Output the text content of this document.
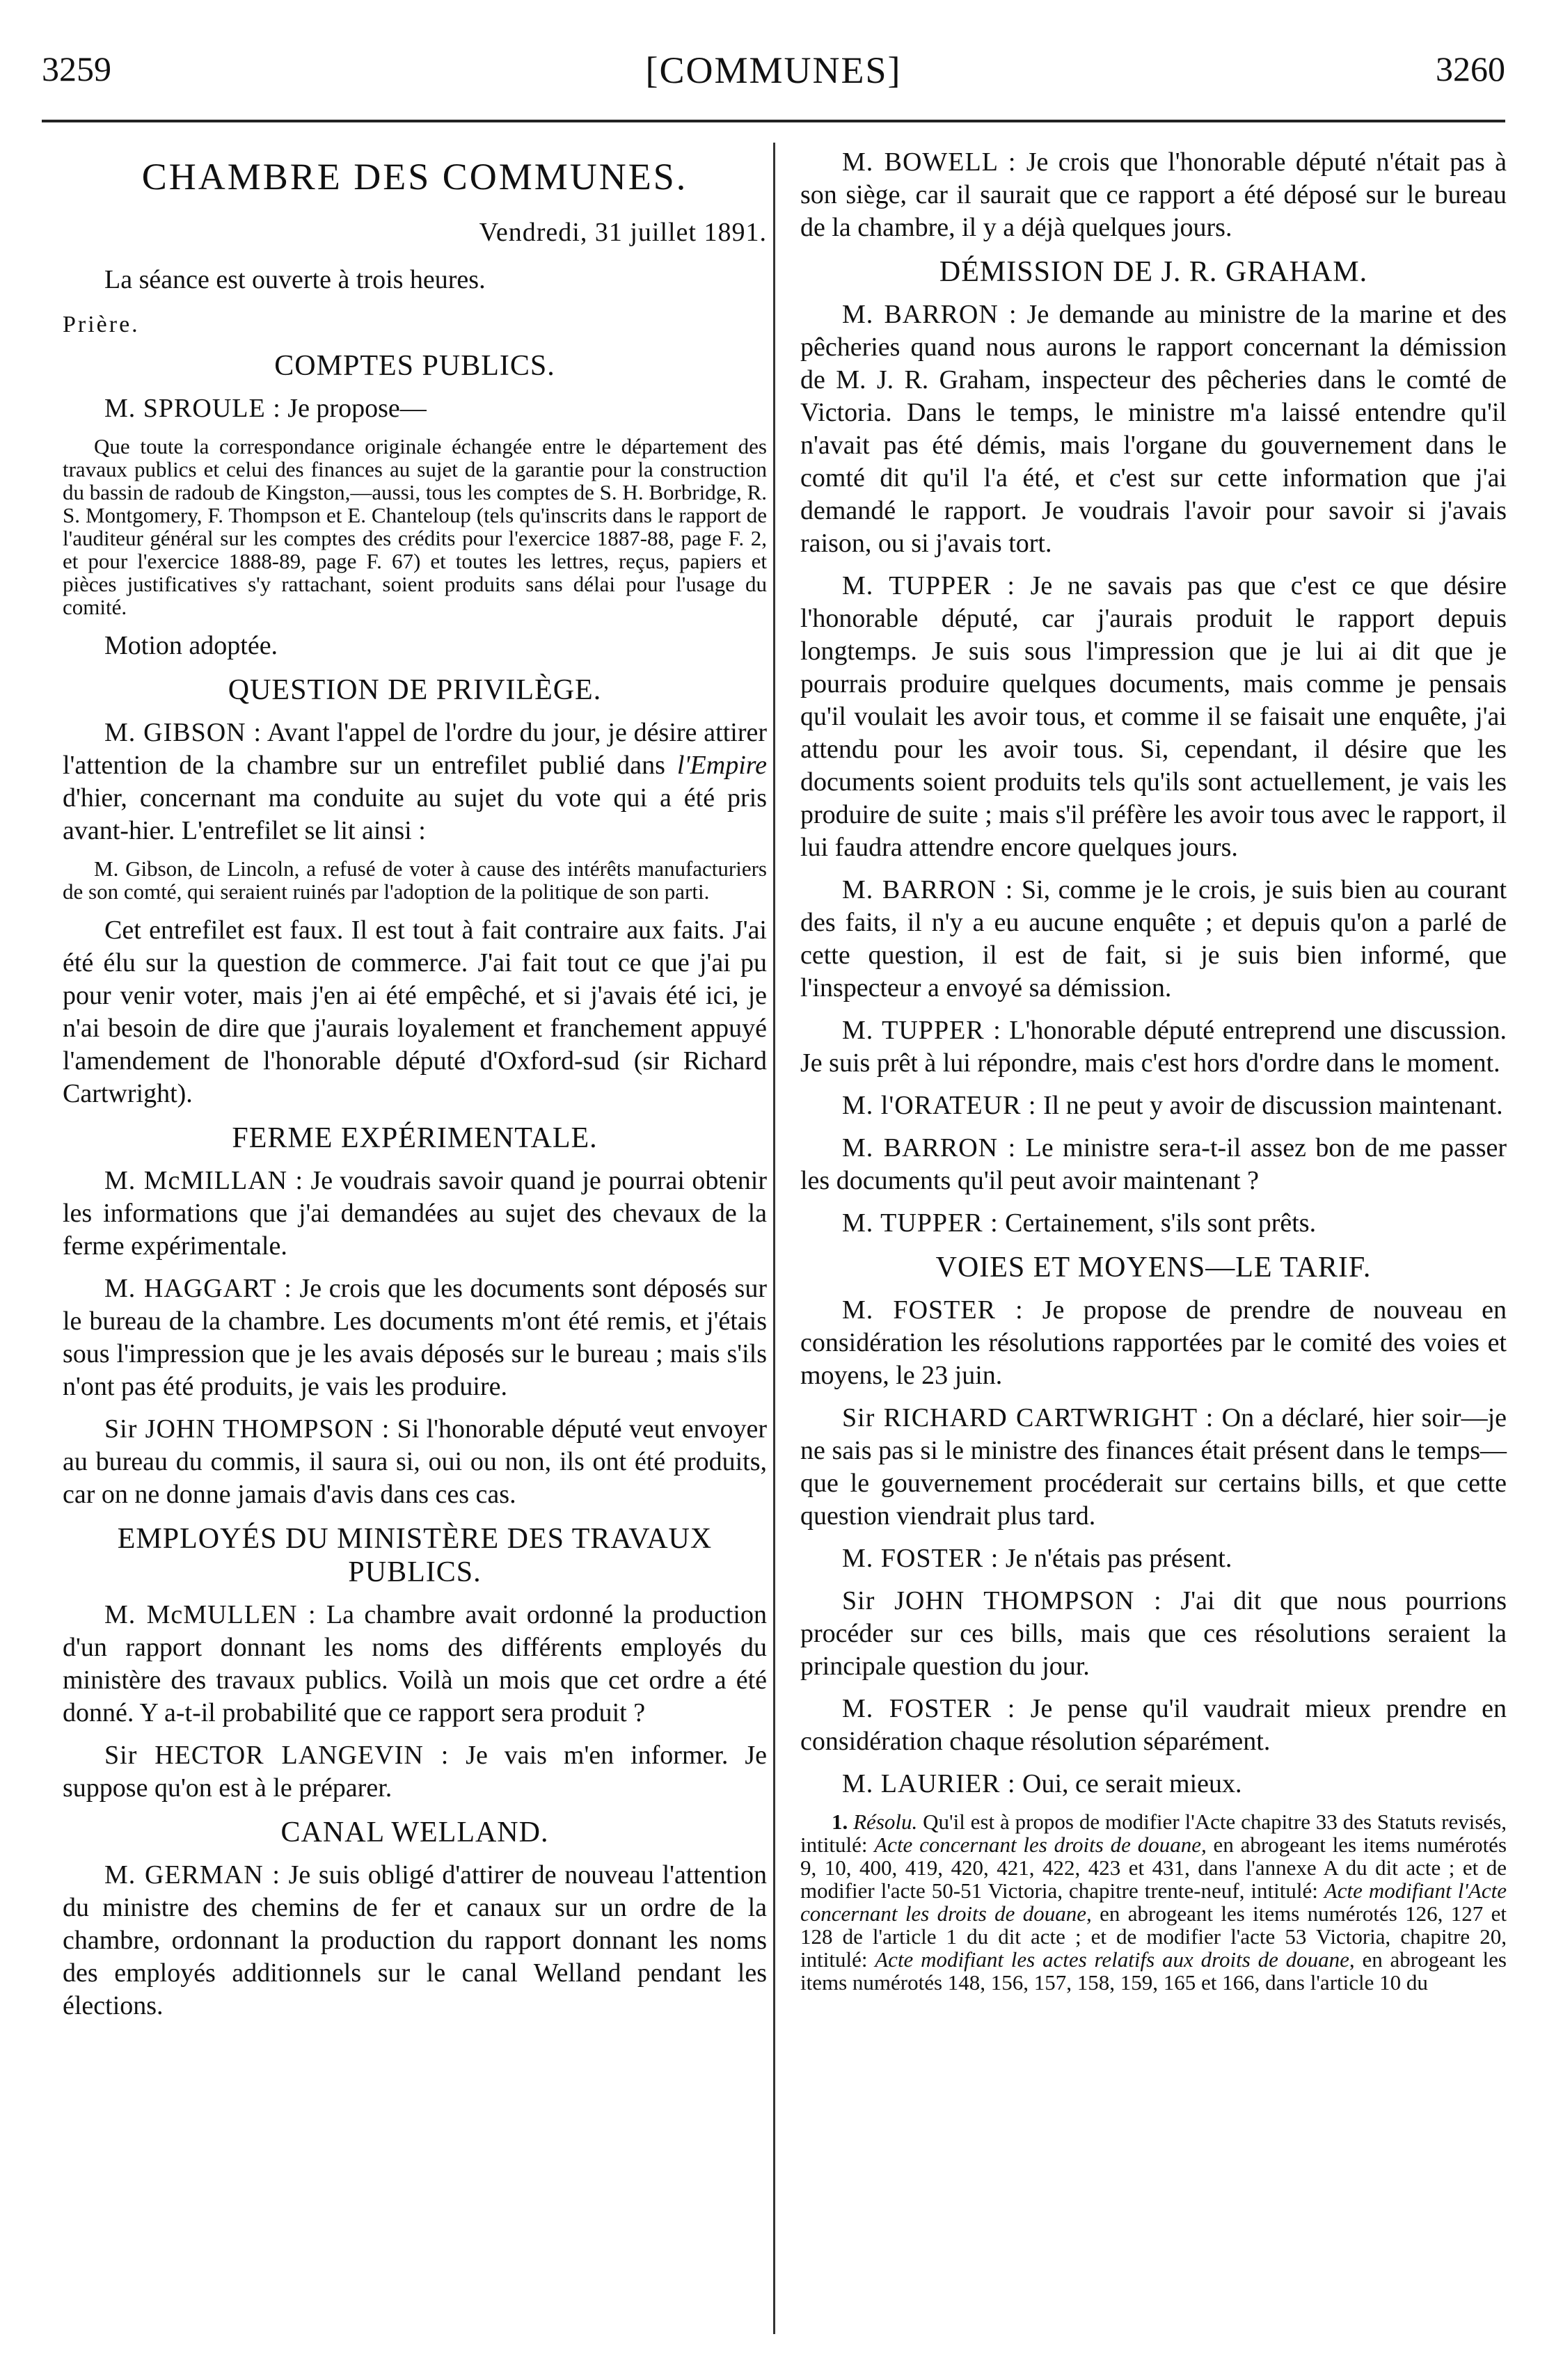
3259	[COMMUNES]	3260
CHAMBRE DES COMMUNES.
Vendredi, 31 juillet 1891.

La séance est ouverte à trois heures.

Prière.
COMPTES PUBLICS.

M. SPROULE : Je propose—

Que toute la correspondance originale échangée entre le département des travaux publics et celui des finances au sujet de la garantie pour la construction du bassin de radoub de Kingston,—aussi, tous les comptes de S. H. Borbridge, R. S. Montgomery, F. Thompson et E. Chanteloup (tels qu'inscrits dans le rapport de l'auditeur général sur les comptes des crédits pour l'exercice 1887-88, page F. 2, et pour l'exercice 1888-89, page F. 67) et toutes les lettres, reçus, papiers et pièces justificatives s'y rattachant, soient produits sans délai pour l'usage du comité.

Motion adoptée.

QUESTION DE PRIVILÈGE.

M. GIBSON : Avant l'appel de l'ordre du jour, je désire attirer l'attention de la chambre sur un entrefilet publié dans l'Empire d'hier, concernant ma conduite au sujet du vote qui a été pris avant-hier. L'entrefilet se lit ainsi :

M. Gibson, de Lincoln, a refusé de voter à cause des intérêts manufacturiers de son comté, qui seraient ruinés par l'adoption de la politique de son parti.

Cet entrefilet est faux. Il est tout à fait contraire aux faits. J'ai été élu sur la question de commerce. J'ai fait tout ce que j'ai pu pour venir voter, mais j'en ai été empêché, et si j'avais été ici, je n'ai besoin de dire que j'aurais loyalement et franchement appuyé l'amendement de l'honorable député d'Oxford-sud (sir Richard Cartwright).

FERME EXPÉRIMENTALE.

M. McMILLAN : Je voudrais savoir quand je pourrai obtenir les informations que j'ai demandées au sujet des chevaux de la ferme expérimentale.

M. HAGGART : Je crois que les documents sont déposés sur le bureau de la chambre. Les documents m'ont été remis, et j'étais sous l'impression que je les avais déposés sur le bureau ; mais s'ils n'ont pas été produits, je vais les produire.

Sir JOHN THOMPSON : Si l'honorable député veut envoyer au bureau du commis, il saura si, oui ou non, ils ont été produits, car on ne donne jamais d'avis dans ces cas.

EMPLOYÉS DU MINISTÈRE DES TRAVAUX PUBLICS.

M. McMULLEN : La chambre avait ordonné la production d'un rapport donnant les noms des différents employés du ministère des travaux publics. Voilà un mois que cet ordre a été donné. Y a-t-il probabilité que ce rapport sera produit ?

Sir HECTOR LANGEVIN : Je vais m'en informer. Je suppose qu'on est à le préparer.

CANAL WELLAND.

M. GERMAN : Je suis obligé d'attirer de nouveau l'attention du ministre des chemins de fer et canaux sur un ordre de la chambre, ordonnant la production du rapport donnant les noms des employés additionnels sur le canal Welland pendant les élections.

M. BOWELL : Je crois que l'honorable député n'était pas à son siège, car il saurait que ce rapport a été déposé sur le bureau de la chambre, il y a déjà quelques jours.

DÉMISSION DE J. R. GRAHAM.

M. BARRON : Je demande au ministre de la marine et des pêcheries quand nous aurons le rapport concernant la démission de M. J. R. Graham, inspecteur des pêcheries dans le comté de Victoria. Dans le temps, le ministre m'a laissé entendre qu'il n'avait pas été démis, mais l'organe du gouvernement dans le comté dit qu'il l'a été, et c'est sur cette information que j'ai demandé le rapport. Je voudrais l'avoir pour savoir si j'avais raison, ou si j'avais tort.

M. TUPPER : Je ne savais pas que c'est ce que désire l'honorable député, car j'aurais produit le rapport depuis longtemps. Je suis sous l'impression que je lui ai dit que je pourrais produire quelques documents, mais comme je pensais qu'il voulait les avoir tous, et comme il se faisait une enquête, j'ai attendu pour les avoir tous. Si, cependant, il désire que les documents soient produits tels qu'ils sont actuellement, je vais les produire de suite ; mais s'il préfère les avoir tous avec le rapport, il lui faudra attendre encore quelques jours.

M. BARRON : Si, comme je le crois, je suis bien au courant des faits, il n'y a eu aucune enquête ; et depuis qu'on a parlé de cette question, il est de fait, si je suis bien informé, que l'inspecteur a envoyé sa démission.

M. TUPPER : L'honorable député entreprend une discussion. Je suis prêt à lui répondre, mais c'est hors d'ordre dans le moment.

M. l'ORATEUR : Il ne peut y avoir de discussion maintenant.

M. BARRON : Le ministre sera-t-il assez bon de me passer les documents qu'il peut avoir maintenant ?

M. TUPPER : Certainement, s'ils sont prêts.

VOIES ET MOYENS—LE TARIF.

M. FOSTER : Je propose de prendre de nouveau en considération les résolutions rapportées par le comité des voies et moyens, le 23 juin.

Sir RICHARD CARTWRIGHT : On a déclaré, hier soir—je ne sais pas si le ministre des finances était présent dans le temps—que le gouvernement procéderait sur certains bills, et que cette question viendrait plus tard.

M. FOSTER : Je n'étais pas présent.

Sir JOHN THOMPSON : J'ai dit que nous pourrions procéder sur ces bills, mais que ces résolutions seraient la principale question du jour.

M. FOSTER : Je pense qu'il vaudrait mieux prendre en considération chaque résolution séparément.

M. LAURIER : Oui, ce serait mieux.

1. Résolu. Qu'il est à propos de modifier l'Acte chapitre 33 des Statuts revisés, intitulé: Acte concernant les droits de douane, en abrogeant les items numérotés 9, 10, 400, 419, 420, 421, 422, 423 et 431, dans l'annexe A du dit acte ; et de modifier l'acte 50-51 Victoria, chapitre trente-neuf, intitulé: Acte modifiant l'Acte concernant les droits de douane, en abrogeant les items numérotés 126, 127 et 128 de l'article 1 du dit acte ; et de modifier l'acte 53 Victoria, chapitre 20, intitulé: Acte modifiant les actes relatifs aux droits de douane, en abrogeant les items numérotés 148, 156, 157, 158, 159, 165 et 166, dans l'article 10 du
